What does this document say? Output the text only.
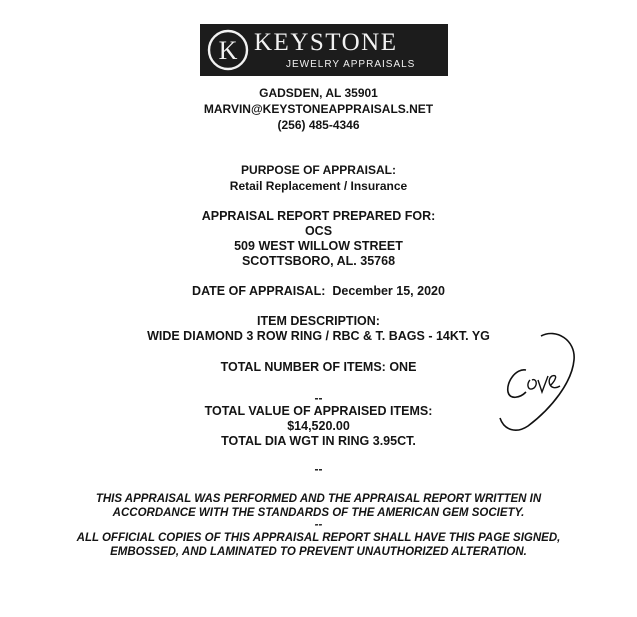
K KEYSTONE
JEWELRY APPRAISALS
GADSDEN, AL 35901
MARVIN@KEYSTONEAPPRAISALS.NET
(256) 485-4346
PURPOSE OF APPRAISAL:
Retail Replacement / Insurance
APPRAISAL REPORT PREPARED FOR:
OCS
509 WEST WILLOW STREET
SCOTTSBORO, AL. 35768
DATE OF APPRAISAL: December 15, 2020
ITEM DESCRIPTION:
WIDE DIAMOND 3 ROW RING / RBC & T. BAGS - 14KT. YG
TOTAL NUMBER OF ITEMS: ONE
--
TOTAL VALUE OF APPRAISED ITEMS:
$14,520.00
TOTAL DIA WGT IN RING 3.95CT.
--
THIS APPRAISAL WAS PERFORMED AND THE APPRAISAL REPORT WRITTEN IN
ACCORDANCE WITH THE STANDARDS OF THE AMERICAN GEM SOCIETY.
--
ALL OFFICIAL COPIES OF THIS APPRAISAL REPORT SHALL HAVE THIS PAGE SIGNED,
EMBOSSED, AND LAMINATED TO PREVENT UNAUTHORIZED ALTERATION.
